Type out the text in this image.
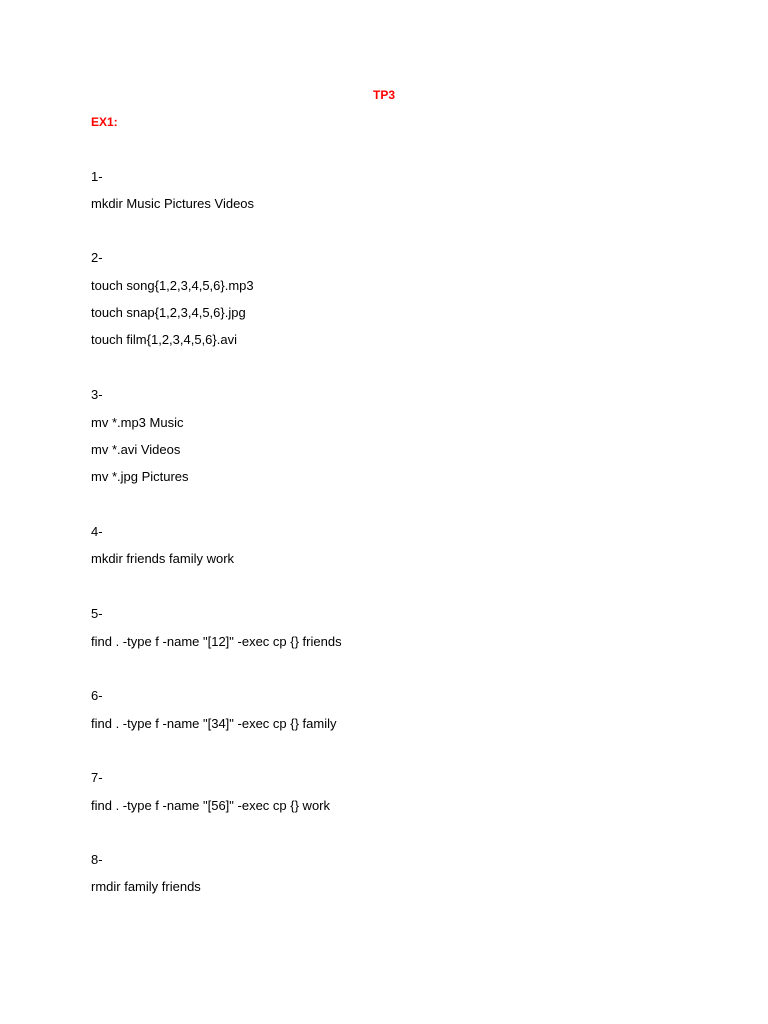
TP3
EX1:
1-
mkdir Music Pictures Videos
2-
touch song{1,2,3,4,5,6}.mp3
touch snap{1,2,3,4,5,6}.jpg
touch film{1,2,3,4,5,6}.avi
3-
mv *.mp3 Music
mv *.avi Videos
mv *.jpg Pictures
4-
mkdir friends family work
5-
find . -type f -name "[12]" -exec cp {} friends
6-
find . -type f -name "[34]" -exec cp {} family
7-
find . -type f -name "[56]" -exec cp {} work
8-
rmdir family friends
